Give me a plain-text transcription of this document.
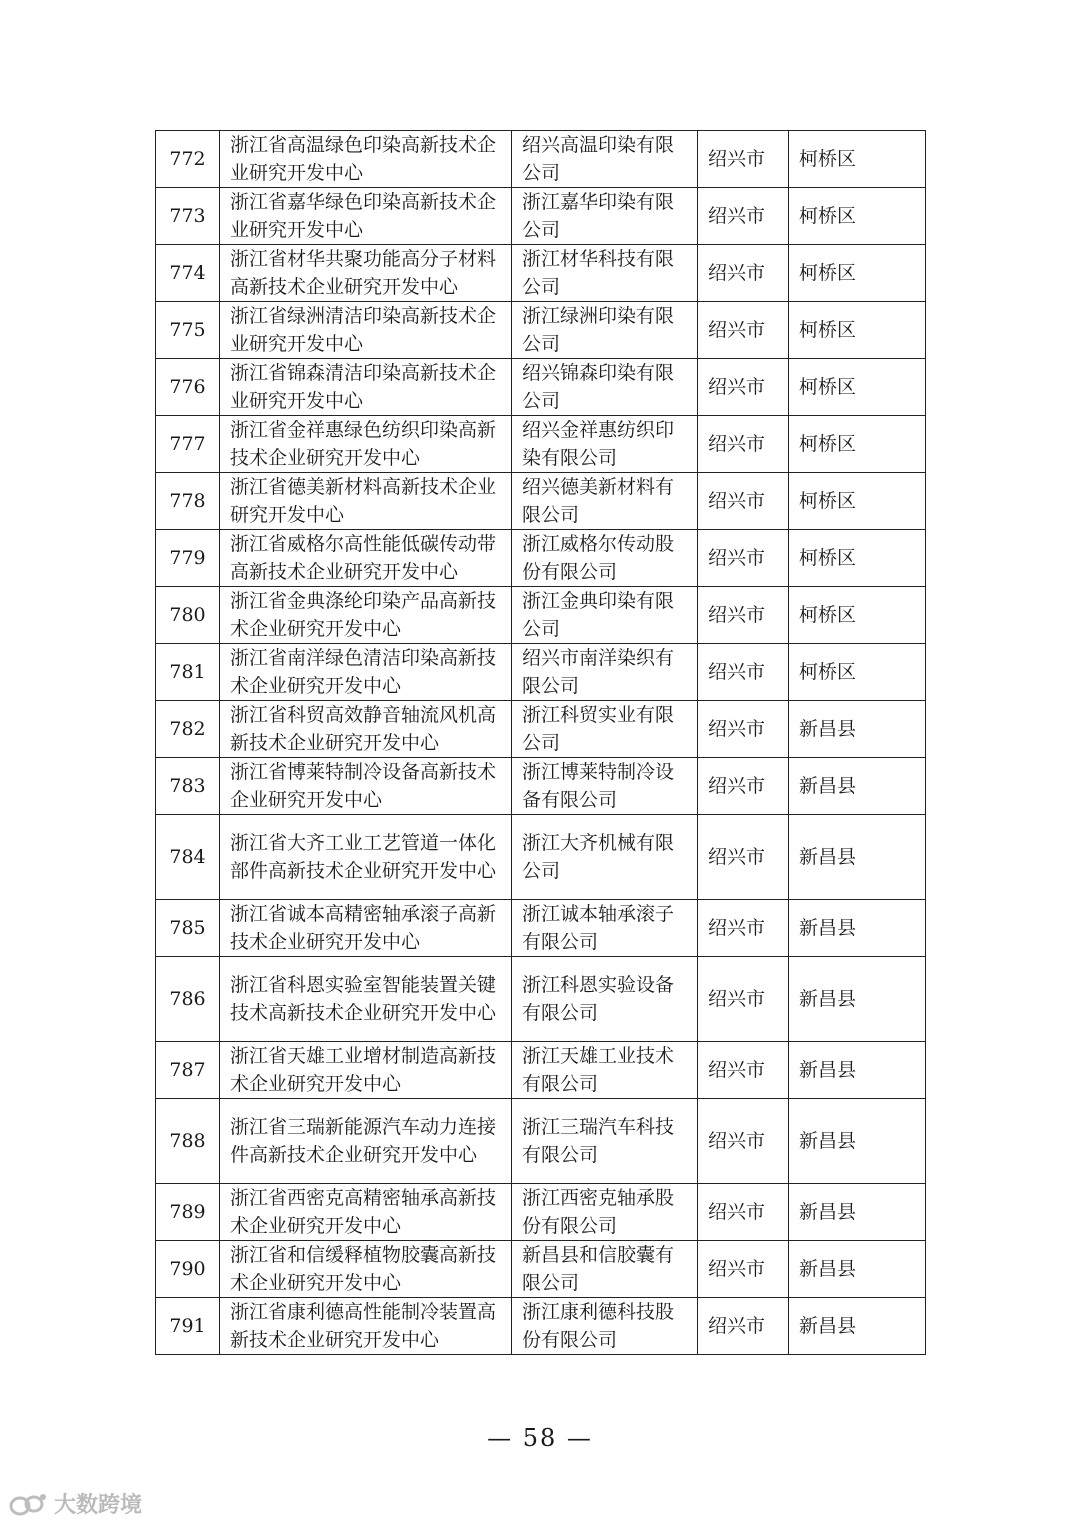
772	浙江省高温绿色印染高新技术企业研究开发中心	绍兴高温印染有限公司	绍兴市	柯桥区
773	浙江省嘉华绿色印染高新技术企业研究开发中心	浙江嘉华印染有限公司	绍兴市	柯桥区
774	浙江省材华共聚功能高分子材料高新技术企业研究开发中心	浙江材华科技有限公司	绍兴市	柯桥区
775	浙江省绿洲清洁印染高新技术企业研究开发中心	浙江绿洲印染有限公司	绍兴市	柯桥区
776	浙江省锦森清洁印染高新技术企业研究开发中心	绍兴锦森印染有限公司	绍兴市	柯桥区
777	浙江省金祥惠绿色纺织印染高新技术企业研究开发中心	绍兴金祥惠纺织印染有限公司	绍兴市	柯桥区
778	浙江省德美新材料高新技术企业研究开发中心	绍兴德美新材料有限公司	绍兴市	柯桥区
779	浙江省威格尔高性能低碳传动带高新技术企业研究开发中心	浙江威格尔传动股份有限公司	绍兴市	柯桥区
780	浙江省金典涤纶印染产品高新技术企业研究开发中心	浙江金典印染有限公司	绍兴市	柯桥区
781	浙江省南洋绿色清洁印染高新技术企业研究开发中心	绍兴市南洋染织有限公司	绍兴市	柯桥区
782	浙江省科贸高效静音轴流风机高新技术企业研究开发中心	浙江科贸实业有限公司	绍兴市	新昌县
783	浙江省博莱特制冷设备高新技术企业研究开发中心	浙江博莱特制冷设备有限公司	绍兴市	新昌县
784	浙江省大齐工业工艺管道一体化部件高新技术企业研究开发中心	浙江大齐机械有限公司	绍兴市	新昌县
785	浙江省诚本高精密轴承滚子高新技术企业研究开发中心	浙江诚本轴承滚子有限公司	绍兴市	新昌县
786	浙江省科恩实验室智能装置关键技术高新技术企业研究开发中心	浙江科恩实验设备有限公司	绍兴市	新昌县
787	浙江省天雄工业增材制造高新技术企业研究开发中心	浙江天雄工业技术有限公司	绍兴市	新昌县
788	浙江省三瑞新能源汽车动力连接件高新技术企业研究开发中心	浙江三瑞汽车科技有限公司	绍兴市	新昌县
789	浙江省西密克高精密轴承高新技术企业研究开发中心	浙江西密克轴承股份有限公司	绍兴市	新昌县
790	浙江省和信缓释植物胶囊高新技术企业研究开发中心	新昌县和信胶囊有限公司	绍兴市	新昌县
791	浙江省康利德高性能制冷装置高新技术企业研究开发中心	浙江康利德科技股份有限公司	绍兴市	新昌县
— 58 —
大数跨境
